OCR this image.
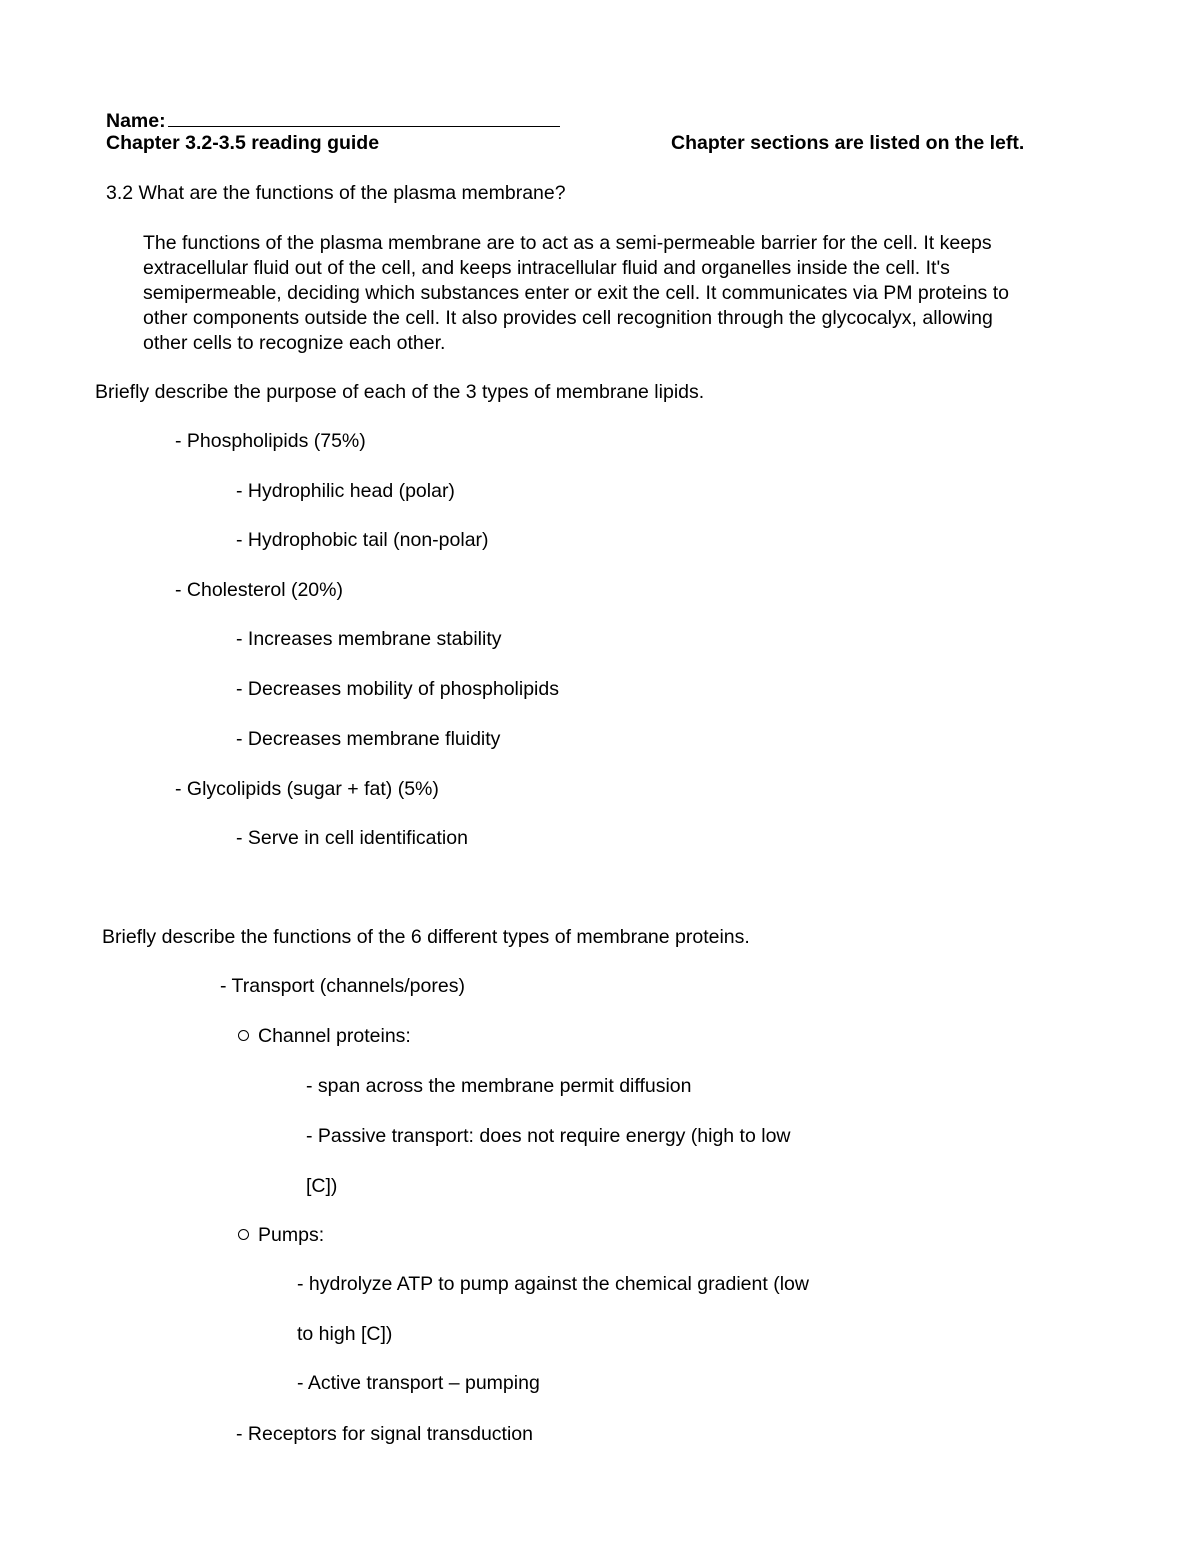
Name:
Chapter 3.2-3.5 reading guide	Chapter sections are listed on the left.
3.2 What are the functions of the plasma membrane?
The functions of the plasma membrane are to act as a semi-permeable barrier for the cell. It keeps
extracellular fluid out of the cell, and keeps intracellular fluid and organelles inside the cell. It's
semipermeable, deciding which substances enter or exit the cell. It communicates via PM proteins to
other components outside the cell. It also provides cell recognition through the glycocalyx, allowing
other cells to recognize each other.
Briefly describe the purpose of each of the 3 types of membrane lipids.
- Phospholipids (75%)
- Hydrophilic head (polar)
- Hydrophobic tail (non-polar)
- Cholesterol (20%)
- Increases membrane stability
- Decreases mobility of phospholipids
- Decreases membrane fluidity
- Glycolipids (sugar + fat) (5%)
- Serve in cell identification
Briefly describe the functions of the 6 different types of membrane proteins.
- Transport (channels/pores)
Channel proteins:
- span across the membrane permit diffusion
- Passive transport: does not require energy (high to low
[C])
Pumps:
- hydrolyze ATP to pump against the chemical gradient (low
to high [C])
- Active transport – pumping
- Receptors for signal transduction
